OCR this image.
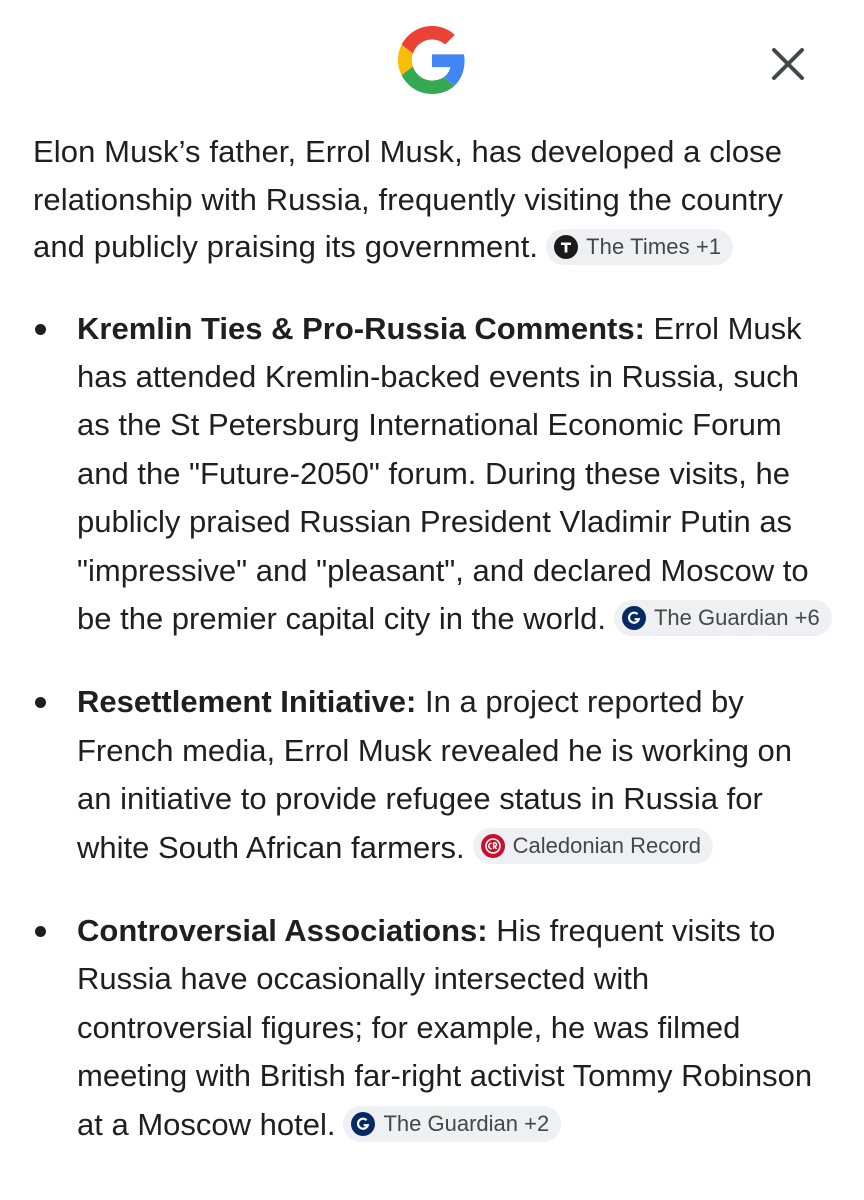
Elon Musk’s father, Errol Musk, has developed a close relationship with Russia, frequently visiting the country and publicly praising its government. The Times +1

Kremlin Ties & Pro-Russia Comments: Errol Musk has attended Kremlin-backed events in Russia, such as the St Petersburg International Economic Forum and the "Future-2050" forum. During these visits, he publicly praised Russian President Vladimir Putin as "impressive" and "pleasant", and declared Moscow to be the premier capital city in the world. The Guardian +6
Resettlement Initiative: In a project reported by French media, Errol Musk revealed he is working on an initiative to provide refugee status in Russia for white South African farmers. Caledonian Record
Controversial Associations: His frequent visits to Russia have occasionally intersected with controversial figures; for example, he was filmed meeting with British far-right activist Tommy Robinson at a Moscow hotel. The Guardian +2
